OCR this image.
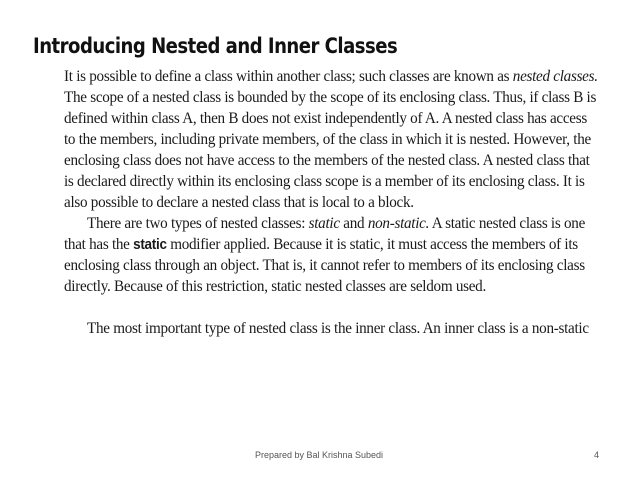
Introducing Nested and Inner Classes
It is possible to define a class within another class; such classes are known as nested classes.
The scope of a nested class is bounded by the scope of its enclosing class. Thus, if class B is
defined within class A, then B does not exist independently of A. A nested class has access
to the members, including private members, of the class in which it is nested. However, the
enclosing class does not have access to the members of the nested class. A nested class that
is declared directly within its enclosing class scope is a member of its enclosing class. It is
also possible to declare a nested class that is local to a block.
There are two types of nested classes: static and non-static. A static nested class is one
that has the static modifier applied. Because it is static, it must access the members of its
enclosing class through an object. That is, it cannot refer to members of its enclosing class
directly. Because of this restriction, static nested classes are seldom used.
The most important type of nested class is the inner class. An inner class is a non-static
Prepared by Bal Krishna Subedi	4
